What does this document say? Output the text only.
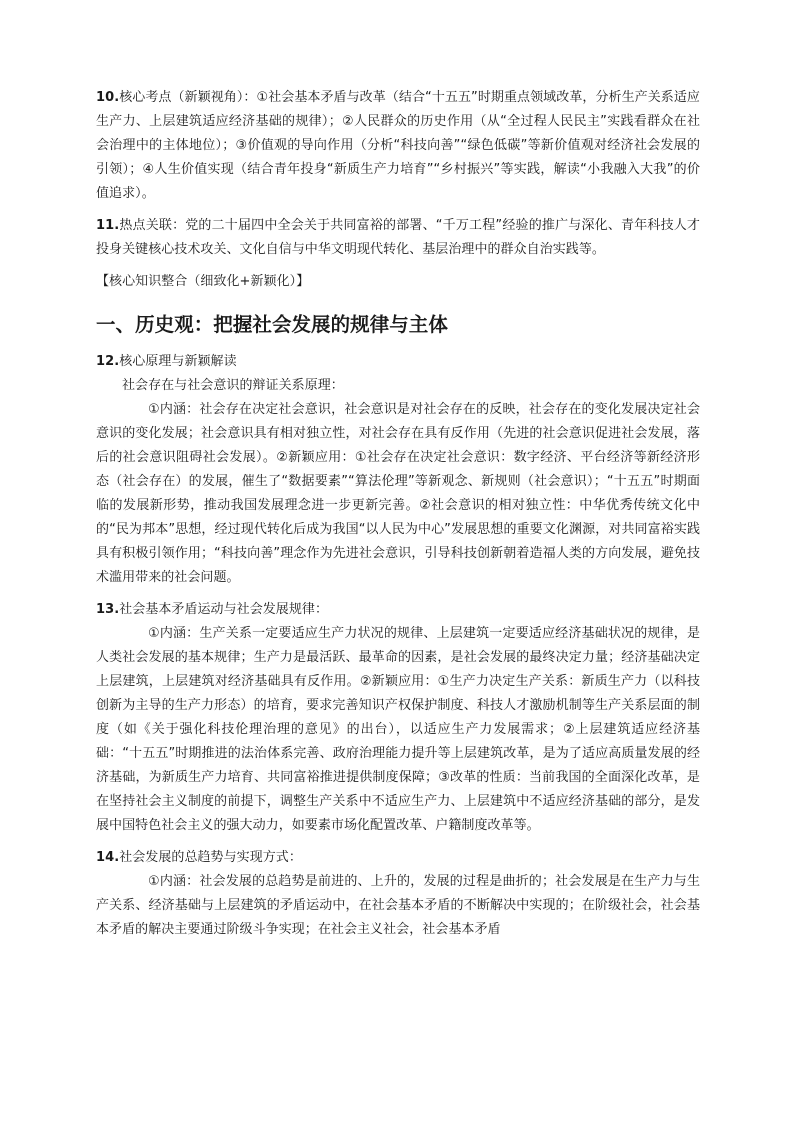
10.核心考点（新颖视角）：①社会基本矛盾与改革（结合“十五五”时期重点领域改革，分析生产关系适应生产力、上层建筑适应经济基础的规律）；②人民群众的历史作用（从“全过程人民民主”实践看群众在社会治理中的主体地位）；③价值观的导向作用（分析“科技向善”“绿色低碳”等新价值观对经济社会发展的引领）；④人生价值实现（结合青年投身“新质生产力培育”“乡村振兴”等实践，解读“小我融入大我”的价值追求）。

11.热点关联：党的二十届四中全会关于共同富裕的部署、“千万工程”经验的推广与深化、青年科技人才投身关键核心技术攻关、文化自信与中华文明现代转化、基层治理中的群众自治实践等。

【核心知识整合（细致化+新颖化）】

一、历史观：把握社会发展的规律与主体

12.核心原理与新颖解读

社会存在与社会意识的辩证关系原理：

①内涵：社会存在决定社会意识，社会意识是对社会存在的反映，社会存在的变化发展决定社会意识的变化发展；社会意识具有相对独立性，对社会存在具有反作用（先进的社会意识促进社会发展，落后的社会意识阻碍社会发展）。②新颖应用：①社会存在决定社会意识：数字经济、平台经济等新经济形态（社会存在）的发展，催生了“数据要素”“算法伦理”等新观念、新规则（社会意识）；“十五五”时期面临的发展新形势，推动我国发展理念进一步更新完善。②社会意识的相对独立性：中华优秀传统文化中的“民为邦本”思想，经过现代转化后成为我国“以人民为中心”发展思想的重要文化渊源，对共同富裕实践具有积极引领作用；“科技向善”理念作为先进社会意识，引导科技创新朝着造福人类的方向发展，避免技术滥用带来的社会问题。

13.社会基本矛盾运动与社会发展规律：

①内涵：生产关系一定要适应生产力状况的规律、上层建筑一定要适应经济基础状况的规律，是人类社会发展的基本规律；生产力是最活跃、最革命的因素，是社会发展的最终决定力量；经济基础决定上层建筑，上层建筑对经济基础具有反作用。②新颖应用：①生产力决定生产关系：新质生产力（以科技创新为主导的生产力形态）的培育，要求完善知识产权保护制度、科技人才激励机制等生产关系层面的制度（如《关于强化科技伦理治理的意见》的出台），以适应生产力发展需求；②上层建筑适应经济基础：“十五五”时期推进的法治体系完善、政府治理能力提升等上层建筑改革，是为了适应高质量发展的经济基础，为新质生产力培育、共同富裕推进提供制度保障；③改革的性质：当前我国的全面深化改革，是在坚持社会主义制度的前提下，调整生产关系中不适应生产力、上层建筑中不适应经济基础的部分，是发展中国特色社会主义的强大动力，如要素市场化配置改革、户籍制度改革等。

14.社会发展的总趋势与实现方式：

①内涵：社会发展的总趋势是前进的、上升的，发展的过程是曲折的；社会发展是在生产力与生产关系、经济基础与上层建筑的矛盾运动中，在社会基本矛盾的不断解决中实现的；在阶级社会，社会基本矛盾的解决主要通过阶级斗争实现；在社会主义社会，社会基本矛盾
